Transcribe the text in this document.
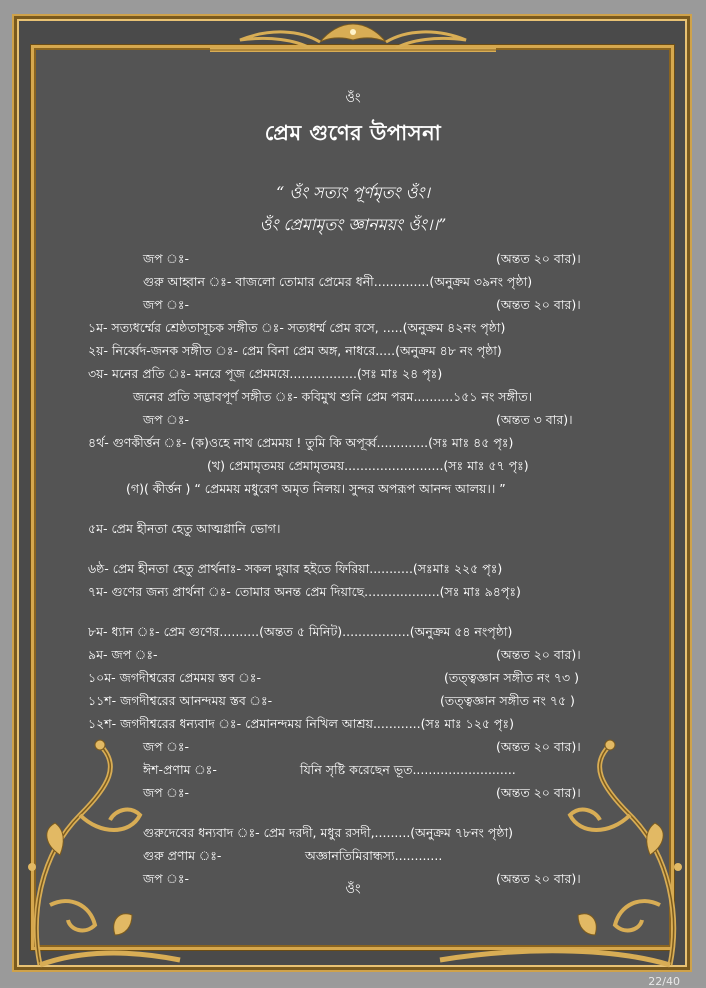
ওঁং
প্রেম গুণের উপাসনা
“ ওঁং সত্যং পূর্ণমৃতং ওঁং।
ওঁং প্রেমামৃতং জ্ঞানময়ং ওঁং।।”
জপ ঃ-	(অন্তত ২০ বার)।
গুরু আহ্বান ঃ- বাজলো তোমার প্রেমের ধনী..............(অনুক্রম ৩৯নং পৃষ্ঠা)
জপ ঃ-	(অন্তত ২০ বার)।
১ম- সত্যধর্ম্মের শ্রেষ্ঠতাসূচক সঙ্গীত ঃ- সত্যধর্ম্ম প্রেম রসে, .....(অনুক্রম ৪২নং পৃষ্ঠা)
২য়- নির্ব্বেদ-জনক সঙ্গীত ঃ- প্রেম বিনা প্রেম অঙ্গ, নাধরে.....(অনুক্রম ৪৮ নং পৃষ্ঠা)
৩য়- মনের প্রতি ঃ- মনরে পূজ প্রেমময়ে.................(সঃ মাঃ ২৪ পৃঃ)
জনের প্রতি সদ্ভাবপূর্ণ সঙ্গীত ঃ- কবিমুখ শুনি প্রেম পরম..........১৫১ নং সঙ্গীত।
জপ ঃ-	(অন্তত ৩ বার)।
৪র্থ- গুণকীর্ত্তন ঃ- (ক)ওহে নাথ প্রেমময় ! তুমি কি অপূর্ব্ব.............(সঃ মাঃ ৪৫ পৃঃ)
(খ) প্রেমামৃতময় প্রেমামৃতময়.........................(সঃ মাঃ ৫৭ পৃঃ)
(গ)( কীর্ত্তন ) “ প্রেমময় মধুরেণ অমৃত নিলয়। সুন্দর অপরূপ আনন্দ আলয়।। ”
৫ম- প্রেম হীনতা হেতু আত্মগ্লানি ভোগ।
৬ষ্ঠ- প্রেম হীনতা হেতু প্রার্থনাঃ- সকল দুয়ার হইতে ফিরিয়া...........(সঃমাঃ ২২৫ পৃঃ)
৭ম- গুণের জন্য প্রার্থনা ঃ- তোমার অনন্ত প্রেম দিয়াছে...................(সঃ মাঃ ৯৪পৃঃ)
৮ম- ধ্যান ঃ- প্রেম গুণের..........(অন্তত ৫ মিনিট).................(অনুক্রম ৫৪ নংপৃষ্ঠা)
৯ম- জপ ঃ-	(অন্তত ২০ বার)।
১০ম- জগদীশ্বরের প্রেমময় স্তব ঃ-	(তত্ত্বজ্ঞান সঙ্গীত নং ৭৩ )
১১শ- জগদীশ্বরের আনন্দময় স্তব ঃ-	(তত্ত্বজ্ঞান সঙ্গীত নং ৭৫ )
১২শ- জগদীশ্বরের ধন্যবাদ ঃ- প্রেমানন্দময় নিখিল আশ্রয়............(সঃ মাঃ ১২৫ পৃঃ)
জপ ঃ-	(অন্তত ২০ বার)।
ঈশ-প্রণাম ঃ-	যিনি সৃষ্টি করেছেন ভূত..........................
জপ ঃ-	(অন্তত ২০ বার)।
গুরুদেবের ধন্যবাদ ঃ- প্রেম দরদী, মধুর রসদী,.........(অনুক্রম ৭৮নং পৃষ্ঠা)
গুরু প্রণাম ঃ-	অজ্ঞানতিমিরান্ধস্য............
জপ ঃ-	(অন্তত ২০ বার)।
ওঁং
22/40
